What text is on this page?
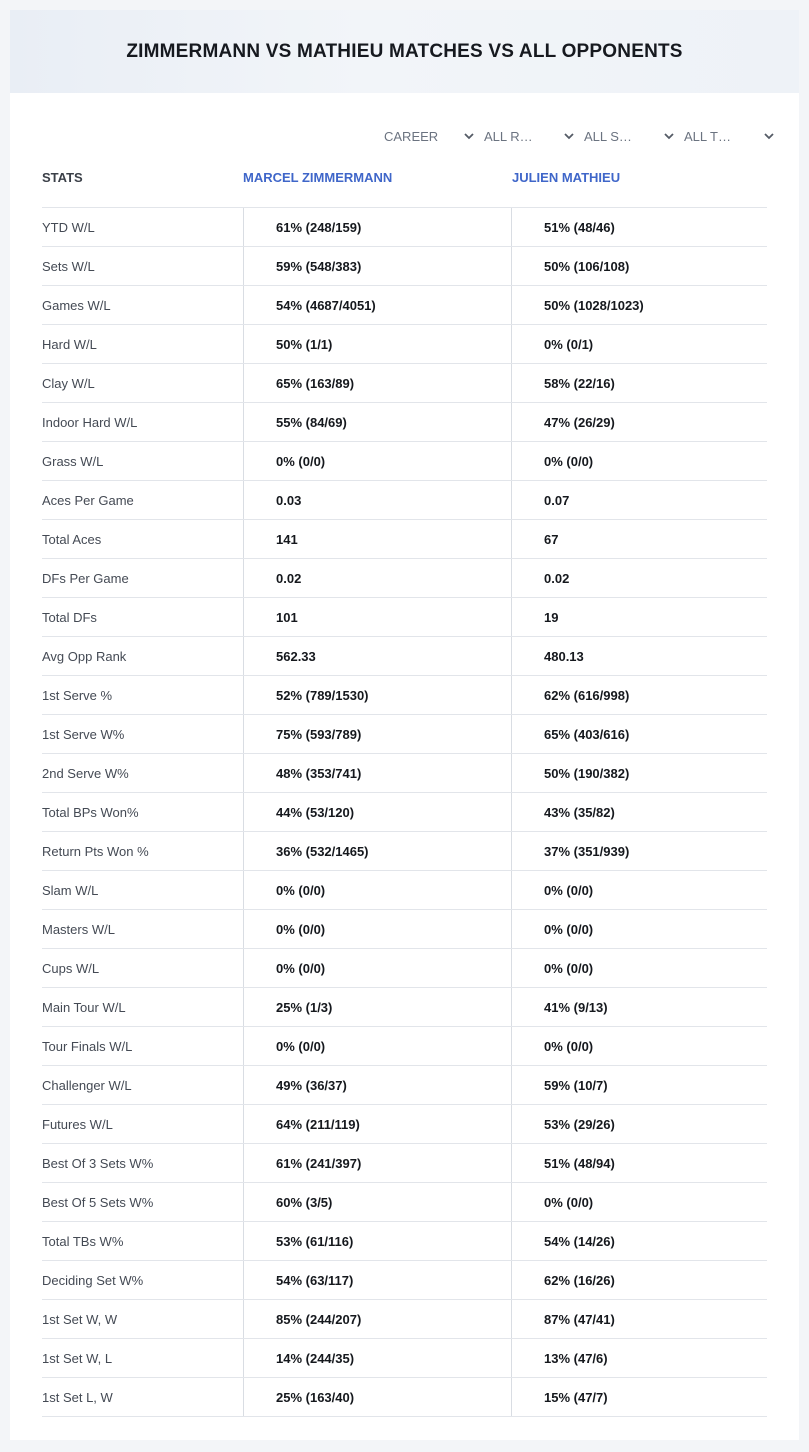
ZIMMERMANN VS MATHIEU MATCHES VS ALL OPPONENTS
CAREER	ALL R…	ALL S…	ALL T…
STATS	MARCEL ZIMMERMANN	JULIEN MATHIEU
YTD W/L	61% (248/159)	51% (48/46)
Sets W/L	59% (548/383)	50% (106/108)
Games W/L	54% (4687/4051)	50% (1028/1023)
Hard W/L	50% (1/1)	0% (0/1)
Clay W/L	65% (163/89)	58% (22/16)
Indoor Hard W/L	55% (84/69)	47% (26/29)
Grass W/L	0% (0/0)	0% (0/0)
Aces Per Game	0.03	0.07
Total Aces	141	67
DFs Per Game	0.02	0.02
Total DFs	101	19
Avg Opp Rank	562.33	480.13
1st Serve %	52% (789/1530)	62% (616/998)
1st Serve W%	75% (593/789)	65% (403/616)
2nd Serve W%	48% (353/741)	50% (190/382)
Total BPs Won%	44% (53/120)	43% (35/82)
Return Pts Won %	36% (532/1465)	37% (351/939)
Slam W/L	0% (0/0)	0% (0/0)
Masters W/L	0% (0/0)	0% (0/0)
Cups W/L	0% (0/0)	0% (0/0)
Main Tour W/L	25% (1/3)	41% (9/13)
Tour Finals W/L	0% (0/0)	0% (0/0)
Challenger W/L	49% (36/37)	59% (10/7)
Futures W/L	64% (211/119)	53% (29/26)
Best Of 3 Sets W%	61% (241/397)	51% (48/94)
Best Of 5 Sets W%	60% (3/5)	0% (0/0)
Total TBs W%	53% (61/116)	54% (14/26)
Deciding Set W%	54% (63/117)	62% (16/26)
1st Set W, W	85% (244/207)	87% (47/41)
1st Set W, L	14% (244/35)	13% (47/6)
1st Set L, W	25% (163/40)	15% (47/7)
